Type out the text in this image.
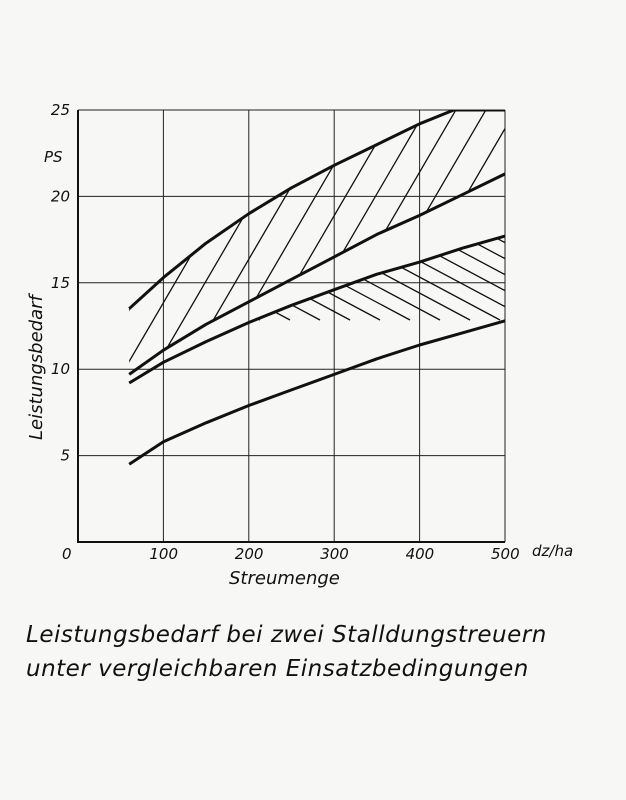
0	100	200	300	400	500
5
10
15
20
25
PS
dz/ha
Streumenge
Leistungsbedarf
Leistungsbedarf bei zwei Stalldungstreuern
unter vergleichbaren Einsatzbedingungen
